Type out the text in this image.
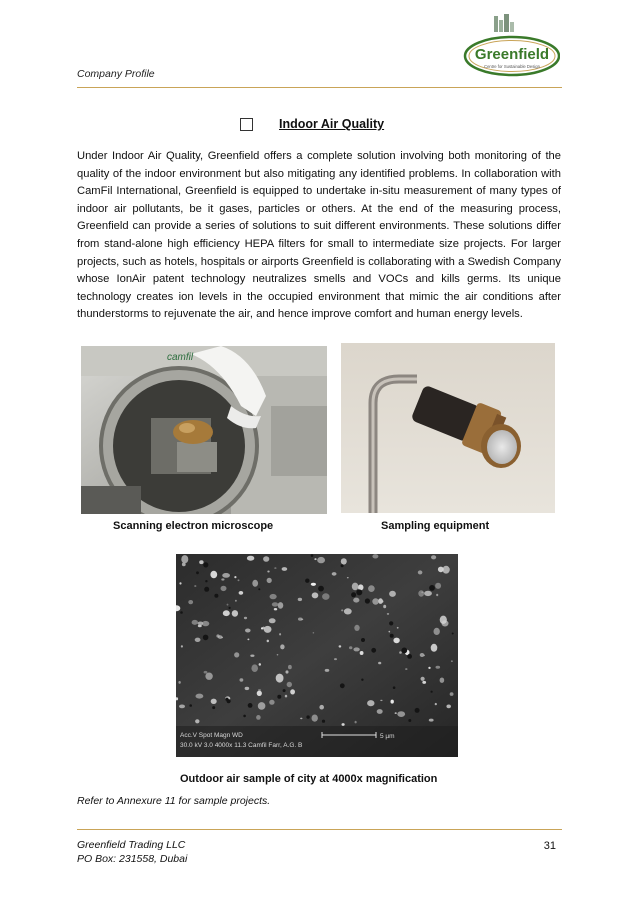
Company Profile
Greenfield
Centre for Sustainable Design
Indoor Air Quality

Under Indoor Air Quality, Greenfield offers a complete solution involving both monitoring of the quality of the indoor environment but also mitigating any identified problems. In collaboration with CamFil International, Greenfield is equipped to undertake in-situ measurement of many types of indoor air pollutants, be it gases, particles or others. At the end of the measuring process, Greenfield can provide a series of solutions to suit different environments. These solutions differ from stand-alone high efficiency HEPA filters for small to intermediate size projects. For larger projects, such as hotels, hospitals or airports Greenfield is collaborating with a Swedish Company whose IonAir patent technology neutralizes smells and VOCs and kills germs. Its unique technology creates ion levels in the occupied environment that mimic the air conditions after thunderstorms to rejuvenate the air, and hence improve comfort and human energy levels.

camfil
Scanning electron microscope	Sampling equipment
Acc.V Spot Magn WD
30.0 kV 3.0 4000x 11.3 Camfil Farr, A.G. B
5 µm
Outdoor air sample of city at 4000x magnification
Refer to Annexure 11 for sample projects.
Greenfield Trading LLC
PO Box: 231558, Dubai
31
